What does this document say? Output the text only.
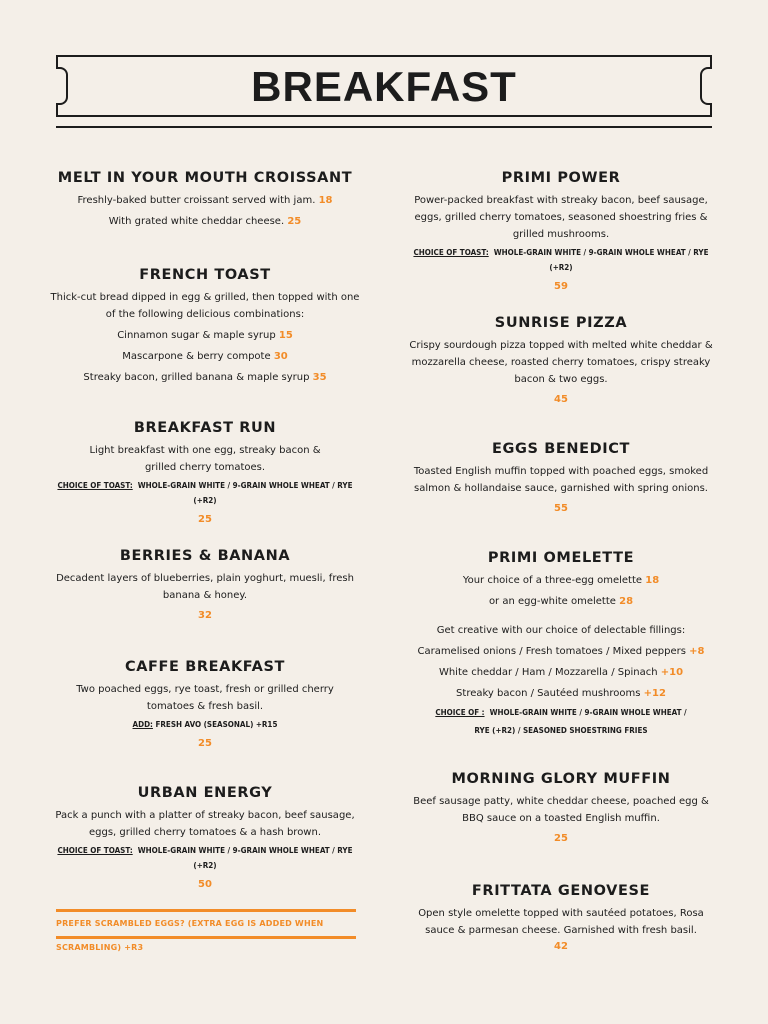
BREAKFAST
MELT IN YOUR MOUTH CROISSANT

Freshly-baked butter croissant served with jam. 18

With grated white cheddar cheese. 25

FRENCH TOAST

Thick-cut bread dipped in egg & grilled, then topped with one of the following delicious combinations:

Cinnamon sugar & maple syrup 15

Mascarpone & berry compote 30

Streaky bacon, grilled banana & maple syrup 35

BREAKFAST RUN

Light breakfast with one egg, streaky bacon & grilled cherry tomatoes.

CHOICE OF TOAST: WHOLE-GRAIN WHITE / 9-GRAIN WHOLE WHEAT / RYE (+R2)

25

BERRIES & BANANA

Decadent layers of blueberries, plain yoghurt, muesli, fresh banana & honey.

32

CAFFE BREAKFAST

Two poached eggs, rye toast, fresh or grilled cherry tomatoes & fresh basil.

ADD: FRESH AVO (SEASONAL) +R15

25

URBAN ENERGY

Pack a punch with a platter of streaky bacon, beef sausage, eggs, grilled cherry tomatoes & a hash brown.

CHOICE OF TOAST: WHOLE-GRAIN WHITE / 9-GRAIN WHOLE WHEAT / RYE (+R2)

50

PREFER SCRAMBLED EGGS? (EXTRA EGG IS ADDED WHEN SCRAMBLING) +R3
PRIMI POWER

Power-packed breakfast with streaky bacon, beef sausage, eggs, grilled cherry tomatoes, seasoned shoestring fries & grilled mushrooms.

CHOICE OF TOAST: WHOLE-GRAIN WHITE / 9-GRAIN WHOLE WHEAT / RYE (+R2)

59

SUNRISE PIZZA

Crispy sourdough pizza topped with melted white cheddar & mozzarella cheese, roasted cherry tomatoes, crispy streaky bacon & two eggs.

45

EGGS BENEDICT

Toasted English muffin topped with poached eggs, smoked salmon & hollandaise sauce, garnished with spring onions.

55

PRIMI OMELETTE

Your choice of a three-egg omelette 18

or an egg-white omelette 28

Get creative with our choice of delectable fillings:

Caramelised onions / Fresh tomatoes / Mixed peppers +8

White cheddar / Ham / Mozzarella / Spinach +10

Streaky bacon / Sautéed mushrooms +12

CHOICE OF : WHOLE-GRAIN WHITE / 9-GRAIN WHOLE WHEAT / RYE (+R2) / SEASONED SHOESTRING FRIES

MORNING GLORY MUFFIN

Beef sausage patty, white cheddar cheese, poached egg & BBQ sauce on a toasted English muffin.

25

FRITTATA GENOVESE

Open style omelette topped with sautéed potatoes, Rosa sauce & parmesan cheese. Garnished with fresh basil.

42
